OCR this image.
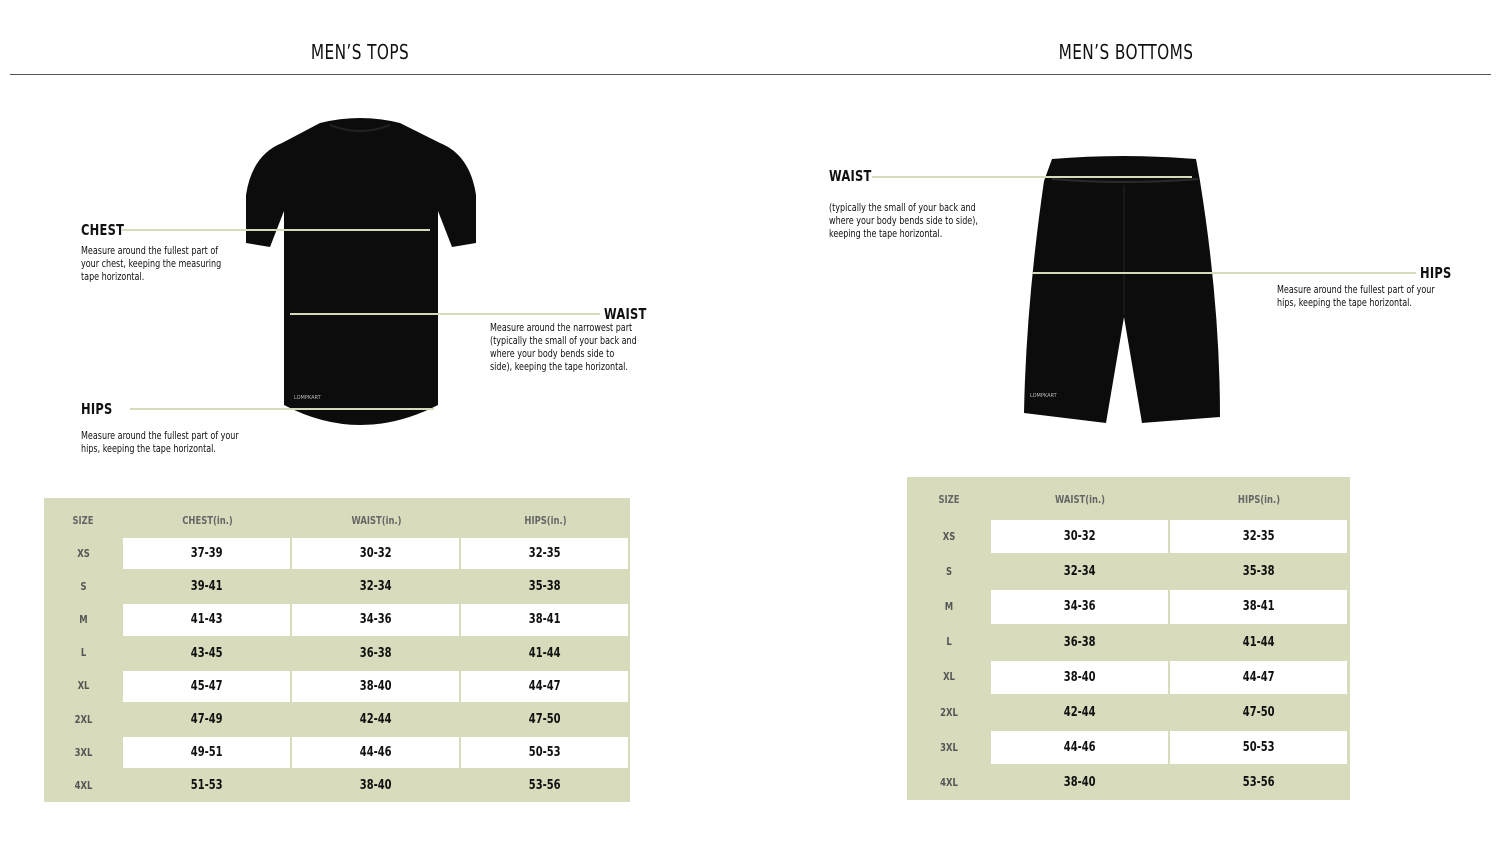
MEN’S TOPS	MEN’S BOTTOMS
LOMPKART
CHEST
Measure around the fullest part of your chest, keeping the measuring tape horizontal.
WAIST
Measure around the narrowest part (typically the small of your back and where your body bends side to side), keeping the tape horizontal.
HIPS
Measure around the fullest part of your hips, keeping the tape horizontal.
LOMPKART
WAIST
(typically the small of your back and where your body bends side to side), keeping the tape horizontal.
HIPS
Measure around the fullest part of your hips, keeping the tape horizontal.
SIZE	CHEST(in.)	WAIST(in.)	HIPS(in.)
XS	37-39	30-32	32-35
S	39-41	32-34	35-38
M	41-43	34-36	38-41
L	43-45	36-38	41-44
XL	45-47	38-40	44-47
2XL	47-49	42-44	47-50
3XL	49-51	44-46	50-53
4XL	51-53	38-40	53-56
SIZE	WAIST(in.)	HIPS(in.)
XS	30-32	32-35
S	32-34	35-38
M	34-36	38-41
L	36-38	41-44
XL	38-40	44-47
2XL	42-44	47-50
3XL	44-46	50-53
4XL	38-40	53-56
